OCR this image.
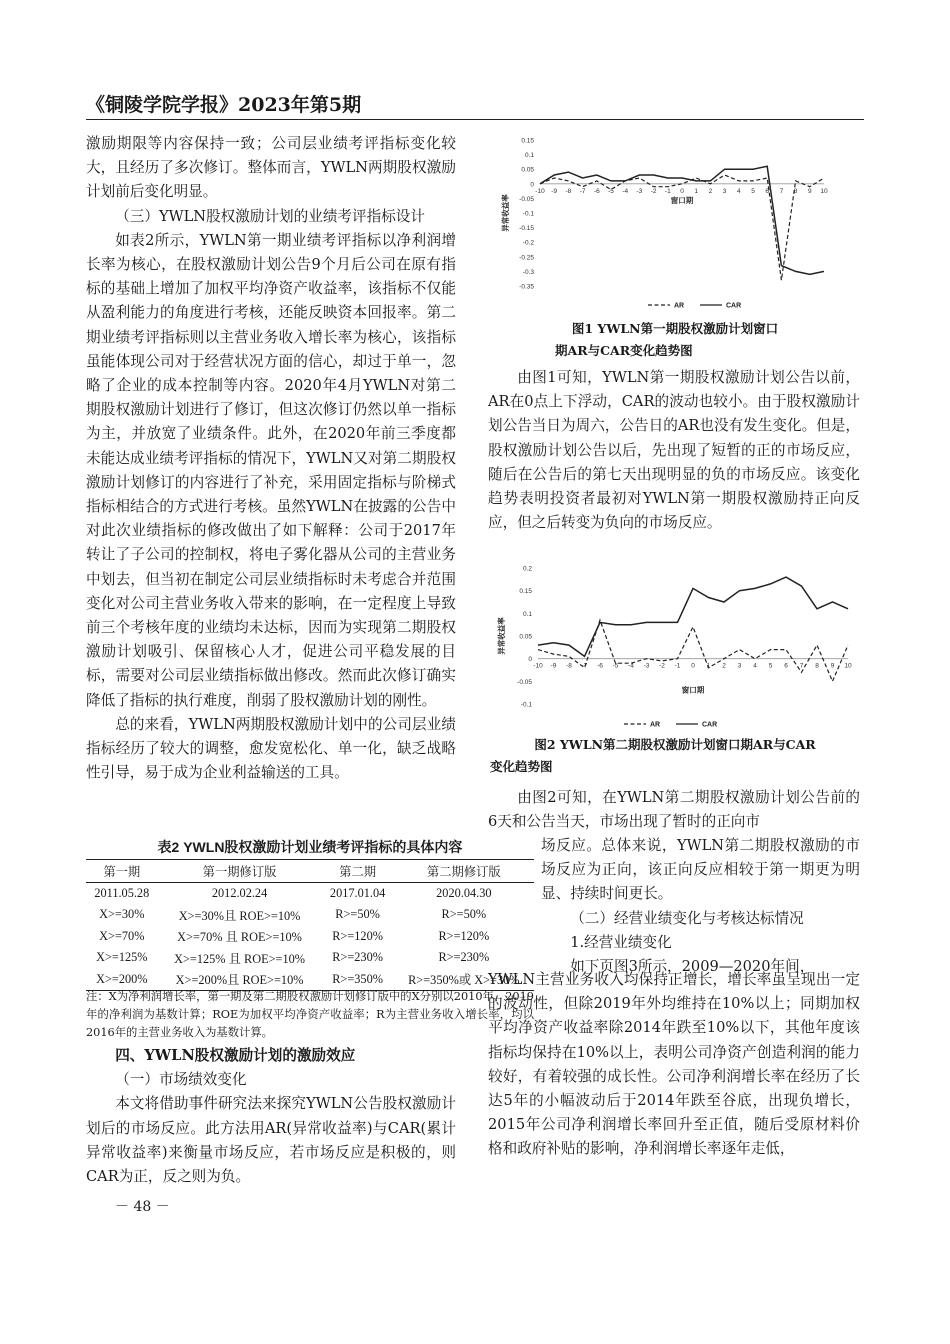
《铜陵学院学报》2023年第5期

激励期限等内容保持一致；公司层业绩考评指标变化较大，且经历了多次修订。整体而言，YWLN两期股权激励计划前后变化明显。

（三）YWLN股权激励计划的业绩考评指标设计

如表2所示，YWLN第一期业绩考评指标以净利润增长率为核心，在股权激励计划公告9个月后公司在原有指标的基础上增加了加权平均净资产收益率，该指标不仅能从盈利能力的角度进行考核，还能反映资本回报率。第二期业绩考评指标则以主营业务收入增长率为核心，该指标虽能体现公司对于经营状况方面的信心，却过于单一，忽略了企业的成本控制等内容。2020年4月YWLN对第二期股权激励计划进行了修订，但这次修订仍然以单一指标为主，并放宽了业绩条件。此外，在2020年前三季度都未能达成业绩考评指标的情况下，YWLN又对第二期股权激励计划修订的内容进行了补充，采用固定指标与阶梯式指标相结合的方式进行考核。虽然YWLN在披露的公告中对此次业绩指标的修改做出了如下解释：公司于2017年转让了子公司的控制权，将电子雾化器从公司的主营业务中划去，但当初在制定公司层业绩指标时未考虑合并范围变化对公司主营业务收入带来的影响，在一定程度上导致前三个考核年度的业绩均未达标，因而为实现第二期股权激励计划吸引、保留核心人才，促进公司平稳发展的目标，需要对公司层业绩指标做出修改。然而此次修订确实降低了指标的执行难度，削弱了股权激励计划的刚性。

总的来看，YWLN两期股权激励计划中的公司层业绩指标经历了较大的调整，愈发宽松化、单一化，缺乏战略性引导，易于成为企业利益输送的工具。

表2 YWLN股权激励计划业绩考评指标的具体内容
第一期	第一期修订版	第二期	第二期修订版
2011.05.28	2012.02.24	2017.01.04	2020.04.30
X>=30%	X>=30%且 ROE>=10%	R>=50%	R>=50%
X>=70%	X>=70% 且 ROE>=10%	R>=120%	R>=120%
X>=125%	X>=125% 且 ROE>=10%	R>=230%	R>=230%
X>=200%	X>=200%且 ROE>=10%	R>=350%	R>=350%或 X>=30%
注：X为净利润增长率，第一期及第二期股权激励计划修订版中的X分别以2010年、2019年的净利润为基数计算；ROE为加权平均净资产收益率；R为主营业务收入增长率，均以2016年的主营业务收入为基数计算。

四、YWLN股权激励计划的激励效应

（一）市场绩效变化

本文将借助事件研究法来探究YWLN公告股权激励计划后的市场反应。此方法用AR(异常收益率)与CAR(累计异常收益率)来衡量市场反应，若市场反应是积极的，则CAR为正，反之则为负。

0.15
0.1
0.05
0
-0.05
-0.1
-0.15
-0.2
-0.25
-0.3
-0.35
-10 -9 -8 -7 -6 -5 -4 -3 -2 -1 0 1 2 3 4 5 6 7 8 9 10
窗口期
异常收益率
AR	CAR
图1 YWLN第一期股权激励计划窗口
期AR与CAR变化趋势图

由图1可知，YWLN第一期股权激励计划公告以前，AR在0点上下浮动，CAR的波动也较小。由于股权激励计划公告当日为周六，公告日的AR也没有发生变化。但是，股权激励计划公告以后，先出现了短暂的正的市场反应，随后在公告后的第七天出现明显的负的市场反应。该变化趋势表明投资者最初对YWLN第一期股权激励持正向反应，但之后转变为负向的市场反应。

0.2
0.15
0.1
0.05
0
-0.05
-0.1
-10 -9 -8 -7 -6 -5 -4 -3 -2 -1 0 1 2 3 4 5 6 7 8 9 10
窗口期
异常收益率
AR	CAR
图2 YWLN第二期股权激励计划窗口期AR与CAR
变化趋势图

由图2可知，在YWLN第二期股权激励计划公告前的6天和公告当天，市场出现了暂时的正向市

场反应。总体来说，YWLN第二期股权激励的市场反应为正向，该正向反应相较于第一期更为明显、持续时间更长。

（二）经营业绩变化与考核达标情况

1.经营业绩变化

如下页图3所示，2009—2020年间，

YWLN主营业务收入均保持正增长，增长率虽呈现出一定的波动性，但除2019年外均维持在10%以上；同期加权平均净资产收益率除2014年跌至10%以下，其他年度该指标均保持在10%以上，表明公司净资产创造利润的能力较好，有着较强的成长性。公司净利润增长率在经历了长达5年的小幅波动后于2014年跌至谷底，出现负增长，2015年公司净利润增长率回升至正值，随后受原材料价格和政府补贴的影响，净利润增长率逐年走低，

－ 48 －
